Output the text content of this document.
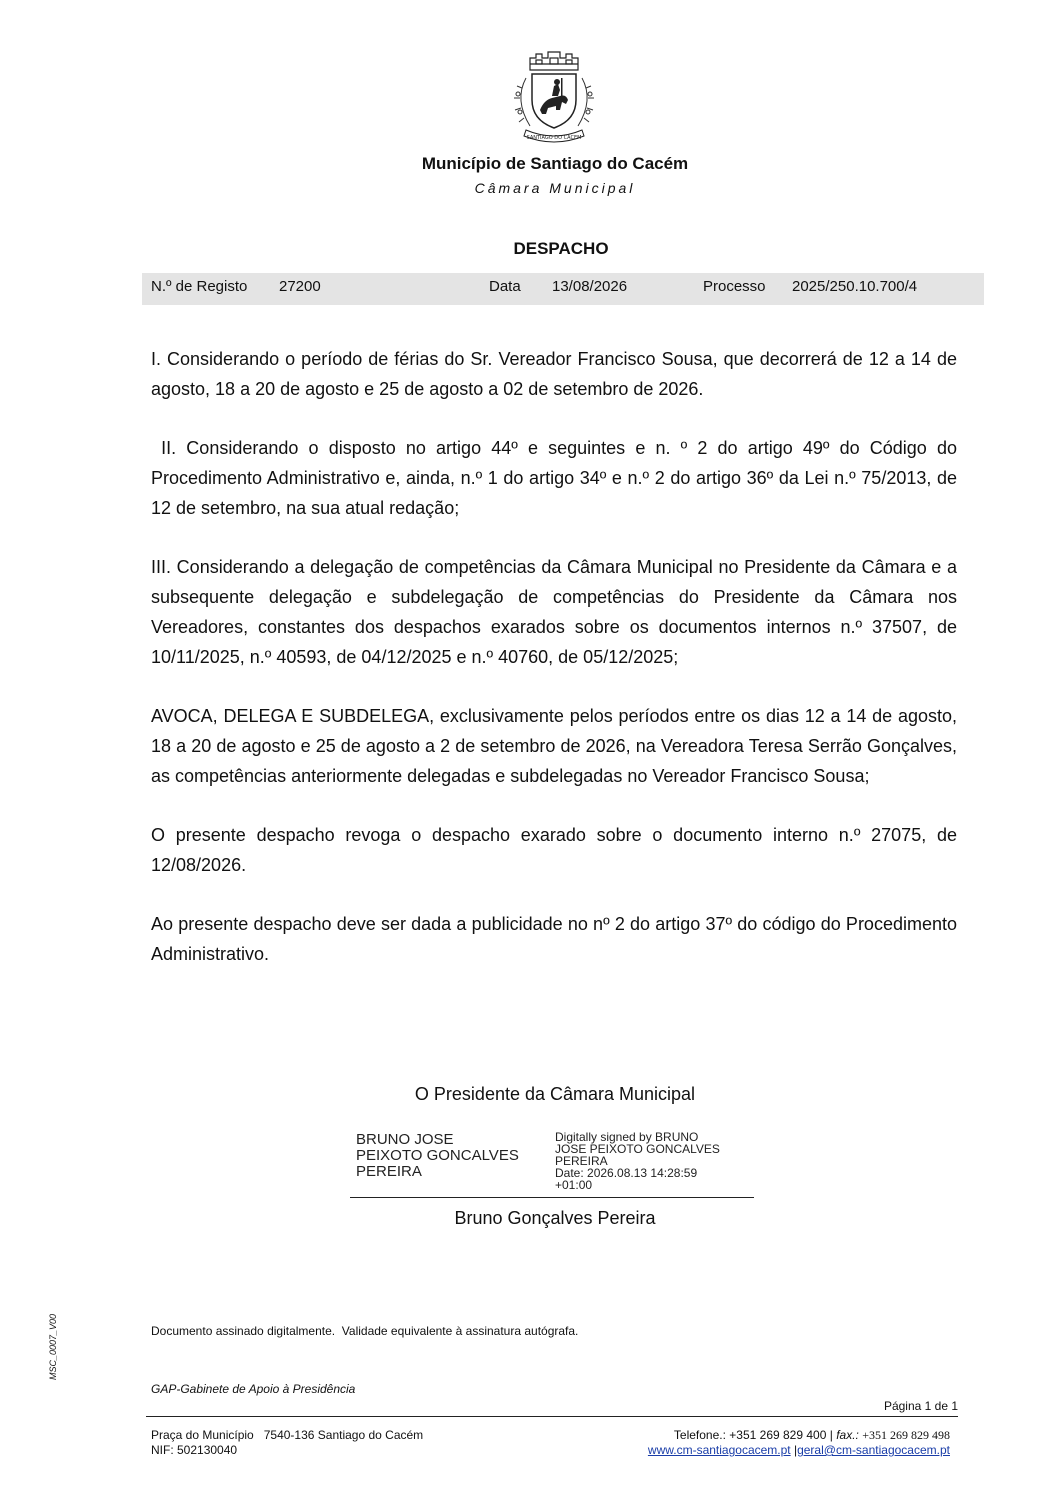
SANTIAGO DO CACEM
Município de Santiago do Cacém
Câmara Municipal
DESPACHO
N.º de Registo 27200	Data 13/08/2026	Processo 2025/250.10.700/4

I. Considerando o período de férias do Sr. Vereador Francisco Sousa, que decorrerá de 12 a 14 de agosto, 18 a 20 de agosto e 25 de agosto a 02 de setembro de 2026.

II. Considerando o disposto no artigo 44º e seguintes e n. º 2 do artigo 49º do Código do Procedimento Administrativo e, ainda, n.º 1 do artigo 34º e n.º 2 do artigo 36º da Lei n.º 75/2013, de 12 de setembro, na sua atual redação;

III. Considerando a delegação de competências da Câmara Municipal no Presidente da Câmara e a subsequente delegação e subdelegação de competências do Presidente da Câmara nos Vereadores, constantes dos despachos exarados sobre os documentos internos n.º 37507, de 10/11/2025, n.º 40593, de 04/12/2025 e n.º 40760, de 05/12/2025;

AVOCA, DELEGA E SUBDELEGA, exclusivamente pelos períodos entre os dias 12 a 14 de agosto, 18 a 20 de agosto e 25 de agosto a 2 de setembro de 2026, na Vereadora Teresa Serrão Gonçalves, as competências anteriormente delegadas e subdelegadas no Vereador Francisco Sousa;

O presente despacho revoga o despacho exarado sobre o documento interno n.º 27075, de 12/08/2026.

Ao presente despacho deve ser dada a publicidade no nº 2 do artigo 37º do código do Procedimento Administrativo.

O Presidente da Câmara Municipal
BRUNO JOSE
PEIXOTO GONCALVES
PEREIRA
Digitally signed by BRUNO
JOSE PEIXOTO GONCALVES
PEREIRA
Date: 2026.08.13 14:28:59
+01:00
Bruno Gonçalves Pereira
Documento assinado digitalmente.  Validade equivalente à assinatura autógrafa.
MSC_0007_V00
GAP-Gabinete de Apoio à Presidência
Página 1 de 1
Praça do Município   7540-136 Santiago do Cacém
NIF: 502130040
Telefone.: +351 269 829 400 | fax.: +351 269 829 498
www.cm-santiagocacem.pt |geral@cm-santiagocacem.pt
